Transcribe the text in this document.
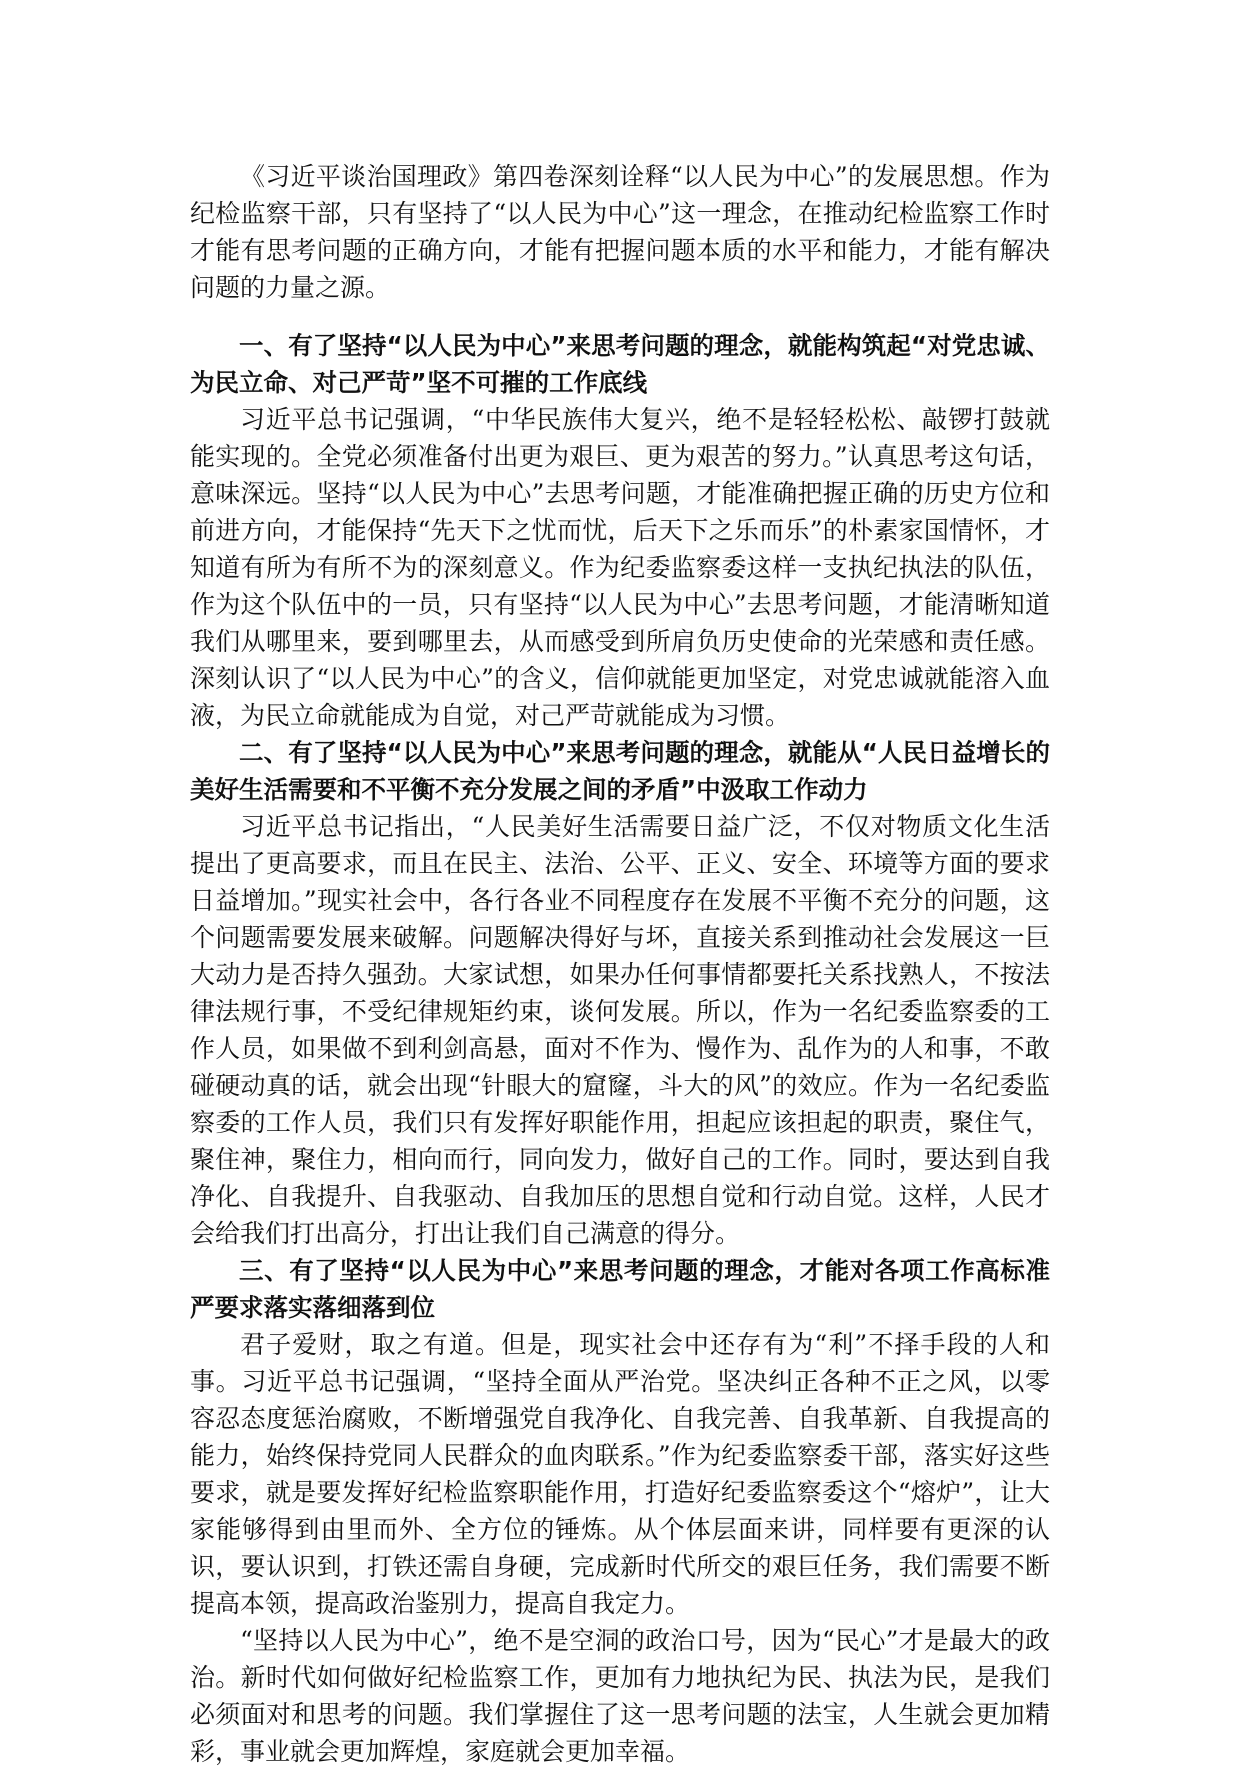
《习近平谈治国理政》第四卷深刻诠释“以人民为中心”的发展思想。作为纪检监察干部，只有坚持了“以人民为中心”这一理念，在推动纪检监察工作时才能有思考问题的正确方向，才能有把握问题本质的水平和能力，才能有解决问题的力量之源。

一、有了坚持“以人民为中心”来思考问题的理念，就能构筑起“对党忠诚、为民立命、对己严苛”坚不可摧的工作底线

习近平总书记强调，“中华民族伟大复兴，绝不是轻轻松松、敲锣打鼓就能实现的。全党必须准备付出更为艰巨、更为艰苦的努力。”认真思考这句话，意味深远。坚持“以人民为中心”去思考问题，才能准确把握正确的历史方位和前进方向，才能保持“先天下之忧而忧，后天下之乐而乐”的朴素家国情怀，才知道有所为有所不为的深刻意义。作为纪委监察委这样一支执纪执法的队伍，作为这个队伍中的一员，只有坚持“以人民为中心”去思考问题，才能清晰知道我们从哪里来，要到哪里去，从而感受到所肩负历史使命的光荣感和责任感。深刻认识了“以人民为中心”的含义，信仰就能更加坚定，对党忠诚就能溶入血液，为民立命就能成为自觉，对己严苛就能成为习惯。

二、有了坚持“以人民为中心”来思考问题的理念，就能从“人民日益增长的美好生活需要和不平衡不充分发展之间的矛盾”中汲取工作动力

习近平总书记指出，“人民美好生活需要日益广泛，不仅对物质文化生活提出了更高要求，而且在民主、法治、公平、正义、安全、环境等方面的要求日益增加。”现实社会中，各行各业不同程度存在发展不平衡不充分的问题，这个问题需要发展来破解。问题解决得好与坏，直接关系到推动社会发展这一巨大动力是否持久强劲。大家试想，如果办任何事情都要托关系找熟人，不按法律法规行事，不受纪律规矩约束，谈何发展。所以，作为一名纪委监察委的工作人员，如果做不到利剑高悬，面对不作为、慢作为、乱作为的人和事，不敢碰硬动真的话，就会出现“针眼大的窟窿，斗大的风”的效应。作为一名纪委监察委的工作人员，我们只有发挥好职能作用，担起应该担起的职责，聚住气，聚住神，聚住力，相向而行，同向发力，做好自己的工作。同时，要达到自我净化、自我提升、自我驱动、自我加压的思想自觉和行动自觉。这样，人民才会给我们打出高分，打出让我们自己满意的得分。

三、有了坚持“以人民为中心”来思考问题的理念，才能对各项工作高标准严要求落实落细落到位

君子爱财，取之有道。但是，现实社会中还存有为“利”不择手段的人和事。习近平总书记强调，“坚持全面从严治党。坚决纠正各种不正之风，以零容忍态度惩治腐败，不断增强党自我净化、自我完善、自我革新、自我提高的能力，始终保持党同人民群众的血肉联系。”作为纪委监察委干部，落实好这些要求，就是要发挥好纪检监察职能作用，打造好纪委监察委这个“熔炉”，让大家能够得到由里而外、全方位的锤炼。从个体层面来讲，同样要有更深的认识，要认识到，打铁还需自身硬，完成新时代所交的艰巨任务，我们需要不断提高本领，提高政治鉴别力，提高自我定力。

“坚持以人民为中心”，绝不是空洞的政治口号，因为“民心”才是最大的政治。新时代如何做好纪检监察工作，更加有力地执纪为民、执法为民，是我们必须面对和思考的问题。我们掌握住了这一思考问题的法宝，人生就会更加精彩，事业就会更加辉煌，家庭就会更加幸福。
